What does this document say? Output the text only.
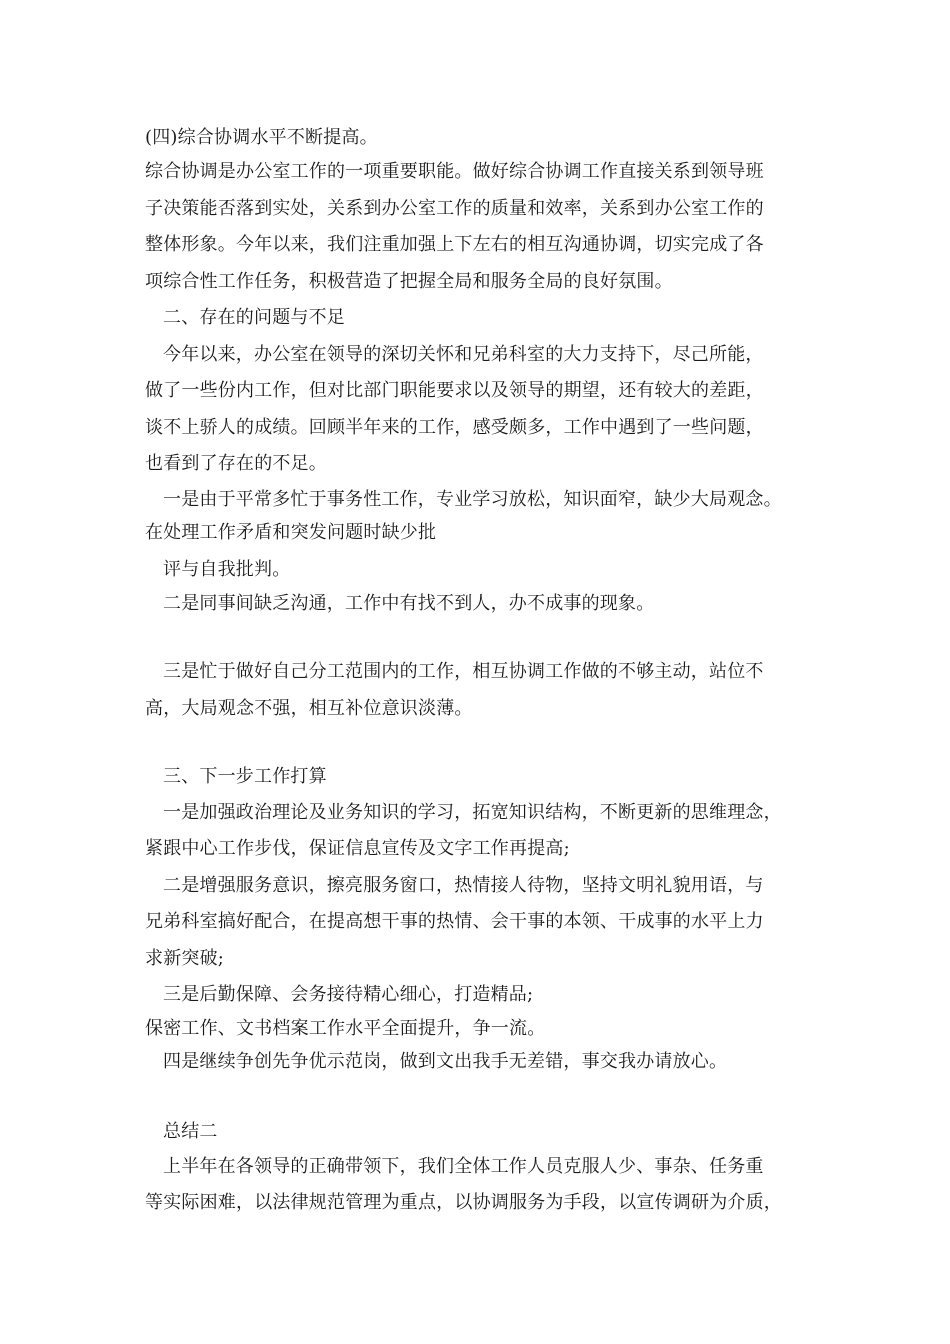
(四)综合协调水平不断提高。
综合协调是办公室工作的一项重要职能。做好综合协调工作直接关系到领导班
子决策能否落到实处，关系到办公室工作的质量和效率，关系到办公室工作的
整体形象。今年以来，我们注重加强上下左右的相互沟通协调，切实完成了各
项综合性工作任务，积极营造了把握全局和服务全局的良好氛围。
二、存在的问题与不足
今年以来，办公室在领导的深切关怀和兄弟科室的大力支持下，尽己所能，
做了一些份内工作，但对比部门职能要求以及领导的期望，还有较大的差距，
谈不上骄人的成绩。回顾半年来的工作，感受颇多，工作中遇到了一些问题，
也看到了存在的不足。
一是由于平常多忙于事务性工作，专业学习放松，知识面窄，缺少大局观念。
在处理工作矛盾和突发问题时缺少批
评与自我批判。
二是同事间缺乏沟通，工作中有找不到人，办不成事的现象。
三是忙于做好自己分工范围内的工作，相互协调工作做的不够主动，站位不
高，大局观念不强，相互补位意识淡薄。
三、下一步工作打算
一是加强政治理论及业务知识的学习，拓宽知识结构，不断更新的思维理念，
紧跟中心工作步伐，保证信息宣传及文字工作再提高;
二是增强服务意识，擦亮服务窗口，热情接人待物，坚持文明礼貌用语，与
兄弟科室搞好配合，在提高想干事的热情、会干事的本领、干成事的水平上力
求新突破;
三是后勤保障、会务接待精心细心，打造精品;
保密工作、文书档案工作水平全面提升，争一流。
四是继续争创先争优示范岗，做到文出我手无差错，事交我办请放心。
总结二
上半年在各领导的正确带领下，我们全体工作人员克服人少、事杂、任务重
等实际困难，以法律规范管理为重点，以协调服务为手段，以宣传调研为介质，
